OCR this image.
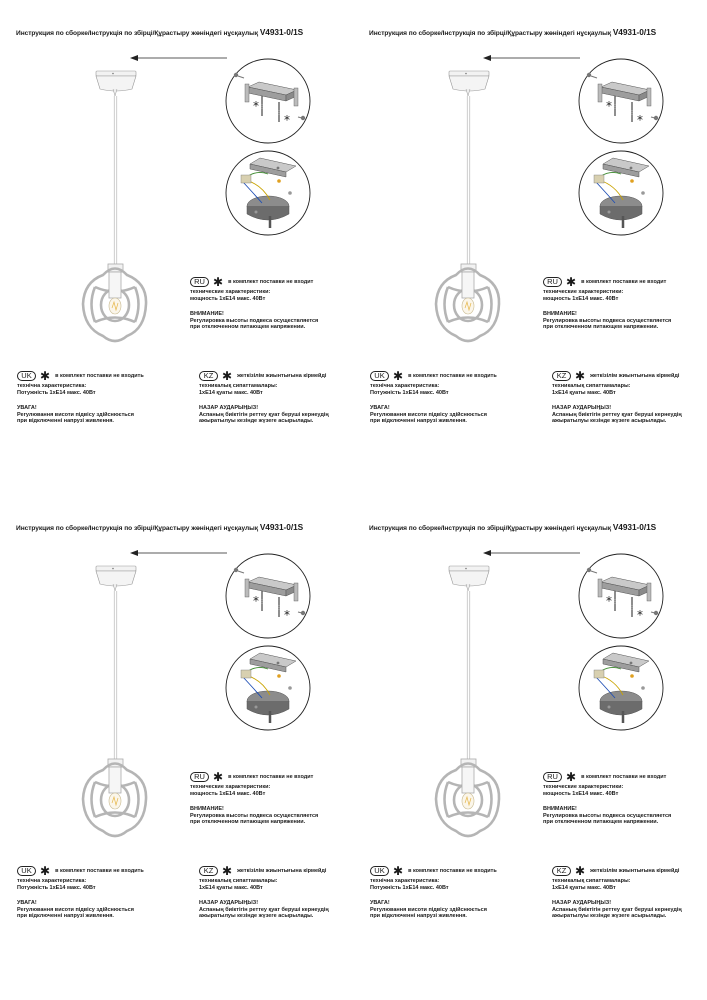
*
*
Инструкция по сборке/Інструкція по збірці/Құрастыру жөніндегі нұсқаулық V4931-0/1S
RU ✱ в комплект поставки не входит
технические характеристики:
мощность 1хЕ14 макс. 40Вт
ВНИМАНИЕ!
Регулировка высоты подвеса осуществляется
при отключенном питающем напряжении.
UK ✱ в комплект поставки не входить
технічна характеристика:
Потужність 1хЕ14 макс. 40Вт
УВАГА!
Регулювання висоти підвісу здійснюється
при відключенні напрузі живлення.
KZ ✱ жеткізілім жиынтығына кірмейді
техникалық сипаттамалары:
1хЕ14 қуаты макс. 40Вт
НАЗАР АУДАРЫҢЫЗ!
Аспаның биіктігін реттеу қуат беруші кернеудің
ажыратылуы кезінде жүзеге асырылады.
*
*
Инструкция по сборке/Інструкція по збірці/Құрастыру жөніндегі нұсқаулық V4931-0/1S
RU ✱ в комплект поставки не входит
технические характеристики:
мощность 1хЕ14 макс. 40Вт
ВНИМАНИЕ!
Регулировка высоты подвеса осуществляется
при отключенном питающем напряжении.
UK ✱ в комплект поставки не входить
технічна характеристика:
Потужність 1хЕ14 макс. 40Вт
УВАГА!
Регулювання висоти підвісу здійснюється
при відключенні напрузі живлення.
KZ ✱ жеткізілім жиынтығына кірмейді
техникалық сипаттамалары:
1хЕ14 қуаты макс. 40Вт
НАЗАР АУДАРЫҢЫЗ!
Аспаның биіктігін реттеу қуат беруші кернеудің
ажыратылуы кезінде жүзеге асырылады.
*
*
Инструкция по сборке/Інструкція по збірці/Құрастыру жөніндегі нұсқаулық V4931-0/1S
RU ✱ в комплект поставки не входит
технические характеристики:
мощность 1хЕ14 макс. 40Вт
ВНИМАНИЕ!
Регулировка высоты подвеса осуществляется
при отключенном питающем напряжении.
UK ✱ в комплект поставки не входить
технічна характеристика:
Потужність 1хЕ14 макс. 40Вт
УВАГА!
Регулювання висоти підвісу здійснюється
при відключенні напрузі живлення.
KZ ✱ жеткізілім жиынтығына кірмейді
техникалық сипаттамалары:
1хЕ14 қуаты макс. 40Вт
НАЗАР АУДАРЫҢЫЗ!
Аспаның биіктігін реттеу қуат беруші кернеудің
ажыратылуы кезінде жүзеге асырылады.
*
*
Инструкция по сборке/Інструкція по збірці/Құрастыру жөніндегі нұсқаулық V4931-0/1S
RU ✱ в комплект поставки не входит
технические характеристики:
мощность 1хЕ14 макс. 40Вт
ВНИМАНИЕ!
Регулировка высоты подвеса осуществляется
при отключенном питающем напряжении.
UK ✱ в комплект поставки не входить
технічна характеристика:
Потужність 1хЕ14 макс. 40Вт
УВАГА!
Регулювання висоти підвісу здійснюється
при відключенні напрузі живлення.
KZ ✱ жеткізілім жиынтығына кірмейді
техникалық сипаттамалары:
1хЕ14 қуаты макс. 40Вт
НАЗАР АУДАРЫҢЫЗ!
Аспаның биіктігін реттеу қуат беруші кернеудің
ажыратылуы кезінде жүзеге асырылады.
